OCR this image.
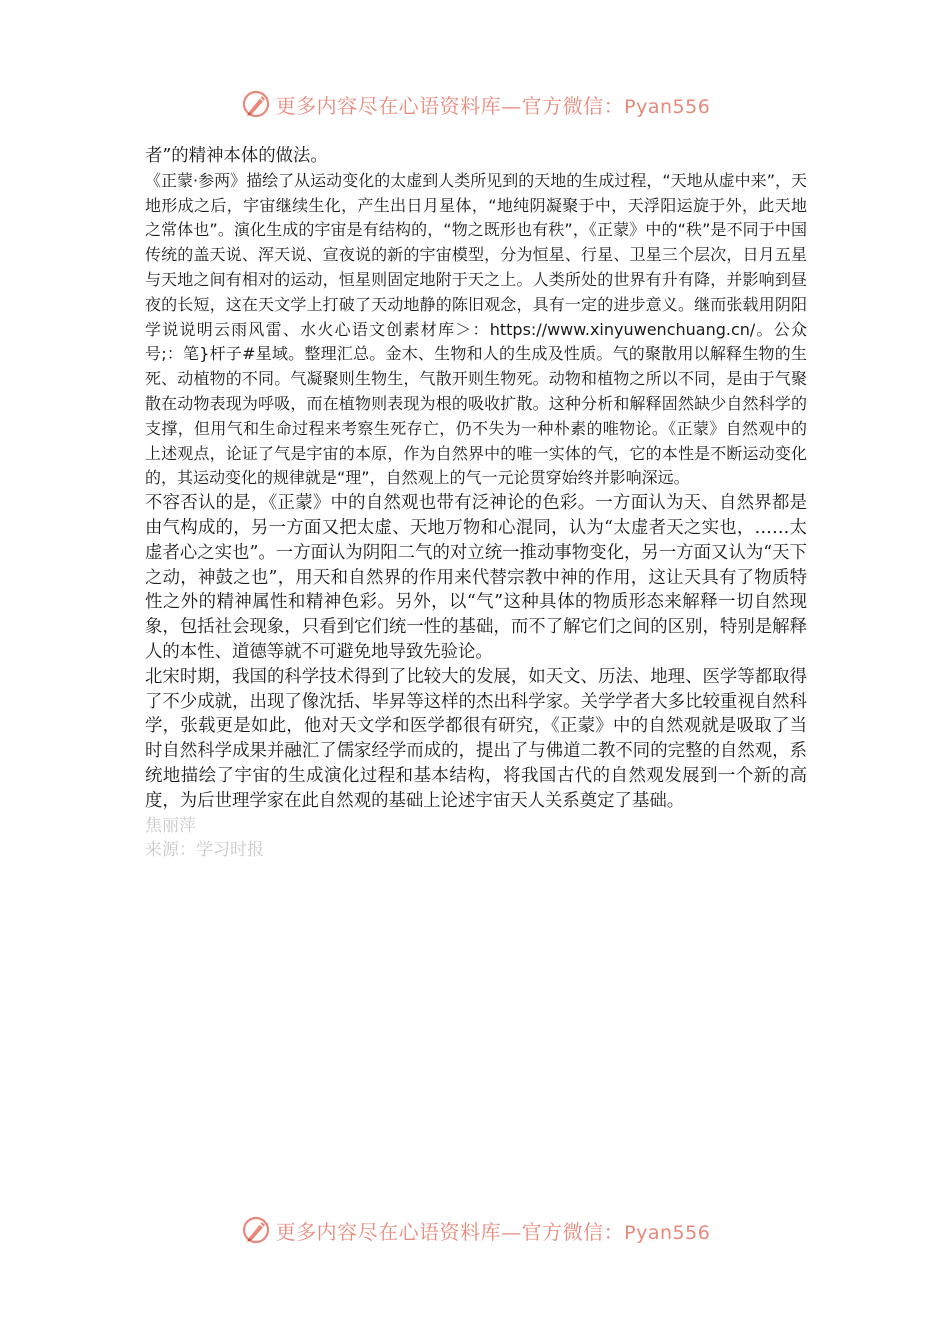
更多内容尽在心语资料库—官方微信：Pyan556

者”的精神本体的做法。

《正蒙·参两》描绘了从运动变化的太虚到人类所见到的天地的生成过程，“天地从虚中来”，天地形成之后，宇宙继续生化，产生出日月星体，“地纯阴凝聚于中，天浮阳运旋于外，此天地之常体也”。演化生成的宇宙是有结构的，“物之既形也有秩”，《正蒙》中的“秩”是不同于中国传统的盖天说、浑天说、宣夜说的新的宇宙模型，分为恒星、行星、卫星三个层次，日月五星与天地之间有相对的运动，恒星则固定地附于天之上。人类所处的世界有升有降，并影响到昼夜的长短，这在天文学上打破了天动地静的陈旧观念，具有一定的进步意义。继而张载用阴阳学说说明云雨风雷、水火心语文创素材库＞：https://www.xinyuwenchuang.cn/。公众号;：笔}杆子#星域。整理汇总。金木、生物和人的生成及性质。气的聚散用以解释生物的生死、动植物的不同。气凝聚则生物生，气散开则生物死。动物和植物之所以不同，是由于气聚散在动物表现为呼吸，而在植物则表现为根的吸收扩散。这种分析和解释固然缺少自然科学的支撑，但用气和生命过程来考察生死存亡，仍不失为一种朴素的唯物论。《正蒙》自然观中的上述观点，论证了气是宇宙的本原，作为自然界中的唯一实体的气，它的本性是不断运动变化的，其运动变化的规律就是“理”，自然观上的气一元论贯穿始终并影响深远。

不容否认的是，《正蒙》中的自然观也带有泛神论的色彩。一方面认为天、自然界都是由气构成的，另一方面又把太虚、天地万物和心混同，认为“太虚者天之实也，……太虚者心之实也”。一方面认为阴阳二气的对立统一推动事物变化，另一方面又认为“天下之动，神鼓之也”，用天和自然界的作用来代替宗教中神的作用，这让天具有了物质特性之外的精神属性和精神色彩。另外，以“气”这种具体的物质形态来解释一切自然现象，包括社会现象，只看到它们统一性的基础，而不了解它们之间的区别，特别是解释人的本性、道德等就不可避免地导致先验论。

北宋时期，我国的科学技术得到了比较大的发展，如天文、历法、地理、医学等都取得了不少成就，出现了像沈括、毕昇等这样的杰出科学家。关学学者大多比较重视自然科学，张载更是如此，他对天文学和医学都很有研究，《正蒙》中的自然观就是吸取了当时自然科学成果并融汇了儒家经学而成的，提出了与佛道二教不同的完整的自然观，系统地描绘了宇宙的生成演化过程和基本结构，将我国古代的自然观发展到一个新的高度，为后世理学家在此自然观的基础上论述宇宙天人关系奠定了基础。

焦丽萍

来源：学习时报

更多内容尽在心语资料库—官方微信：Pyan556
